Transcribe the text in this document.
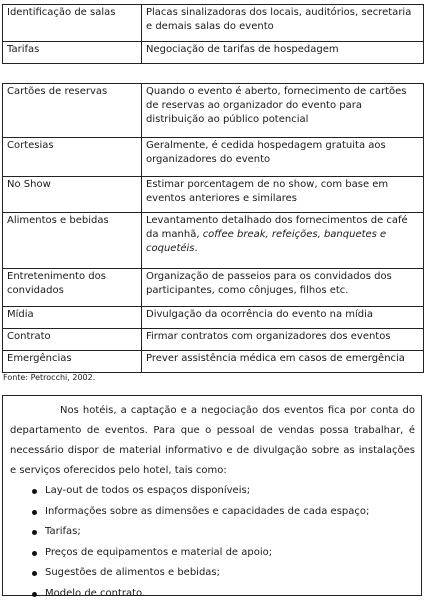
Identificação de salas	Placas sinalizadoras dos locais, auditórios, secretaria e demais salas do evento
Tarifas	Negociação de tarifas de hospedagem
Cartões de reservas	Quando o evento é aberto, fornecimento de cartões de reservas ao organizador do evento para distribuição ao público potencial
Cortesias	Geralmente, é cedida hospedagem gratuita aos organizadores do evento
No Show	Estimar porcentagem de no show, com base em eventos anteriores e similares
Alimentos e bebidas	Levantamento detalhado dos fornecimentos de café da manhã, coffee break, refeições, banquetes e coquetéis.
Entretenimento dos convidados	Organização de passeios para os convidados dos participantes, como cônjuges, filhos etc.
Mídia	Divulgação da ocorrência do evento na mídia
Contrato	Firmar contratos com organizadores dos eventos
Emergências	Prever assistência médica em casos de emergência
Fonte: Petrocchi, 2002.

Nos hotéis, a captação e a negociação dos eventos fica por conta do departamento de eventos. Para que o pessoal de vendas possa trabalhar, é necessário dispor de material informativo e de divulgação sobre as instalações e serviços oferecidos pelo hotel, tais como:

Lay-out de todos os espaços disponíveis;
Informações sobre as dimensões e capacidades de cada espaço;
Tarifas;
Preços de equipamentos e material de apoio;
Sugestões de alimentos e bebidas;
Modelo de contrato.
